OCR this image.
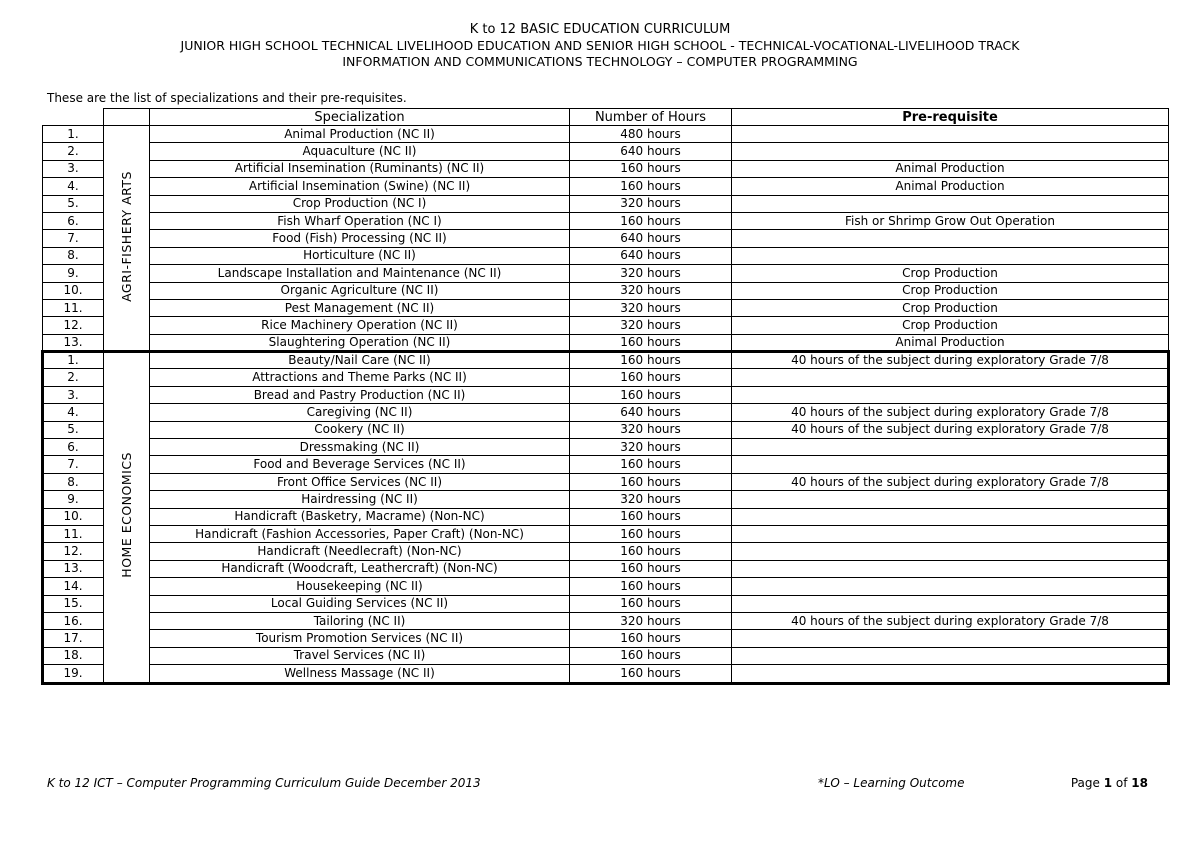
K to 12 BASIC EDUCATION CURRICULUM
JUNIOR HIGH SCHOOL TECHNICAL LIVELIHOOD EDUCATION AND SENIOR HIGH SCHOOL - TECHNICAL-VOCATIONAL-LIVELIHOOD TRACK
INFORMATION AND COMMUNICATIONS TECHNOLOGY – COMPUTER PROGRAMMING
These are the list of specializations and their pre-requisites.
		Specialization	Number of Hours	Pre-requisite
1.	AGRI-FISHERY ARTS	Animal Production (NC II)	480 hours	
2.		Aquaculture (NC II)	640 hours	
3.		Artificial Insemination (Ruminants) (NC II)	160 hours	Animal Production
4.		Artificial Insemination (Swine) (NC II)	160 hours	Animal Production
5.		Crop Production (NC I)	320 hours	
6.		Fish Wharf Operation (NC I)	160 hours	Fish or Shrimp Grow Out Operation
7.		Food (Fish) Processing (NC II)	640 hours	
8.		Horticulture (NC II)	640 hours	
9.		Landscape Installation and Maintenance (NC II)	320 hours	Crop Production
10.		Organic Agriculture (NC II)	320 hours	Crop Production
11.		Pest Management (NC II)	320 hours	Crop Production
12.		Rice Machinery Operation (NC II)	320 hours	Crop Production
13.		Slaughtering Operation (NC II)	160 hours	Animal Production
1.	HOME ECONOMICS	Beauty/Nail Care (NC II)	160 hours	40 hours of the subject during exploratory Grade 7/8
2.		Attractions and Theme Parks (NC II)	160 hours	
3.		Bread and Pastry Production (NC II)	160 hours	
4.		Caregiving (NC II)	640 hours	40 hours of the subject during exploratory Grade 7/8
5.		Cookery (NC II)	320 hours	40 hours of the subject during exploratory Grade 7/8
6.		Dressmaking (NC II)	320 hours	
7.		Food and Beverage Services (NC II)	160 hours	
8.		Front Office Services (NC II)	160 hours	40 hours of the subject during exploratory Grade 7/8
9.		Hairdressing (NC II)	320 hours	
10.		Handicraft (Basketry, Macrame) (Non-NC)	160 hours	
11.		Handicraft (Fashion Accessories, Paper Craft) (Non-NC)	160 hours	
12.		Handicraft (Needlecraft) (Non-NC)	160 hours	
13.		Handicraft (Woodcraft, Leathercraft) (Non-NC)	160 hours	
14.		Housekeeping (NC II)	160 hours	
15.		Local Guiding Services (NC II)	160 hours	
16.		Tailoring (NC II)	320 hours	40 hours of the subject during exploratory Grade 7/8
17.		Tourism Promotion Services (NC II)	160 hours	
18.		Travel Services (NC II)	160 hours	
19.		Wellness Massage (NC II)	160 hours	
K to 12 ICT – Computer Programming Curriculum Guide December 2013	*LO – Learning Outcome	Page 1 of 18
